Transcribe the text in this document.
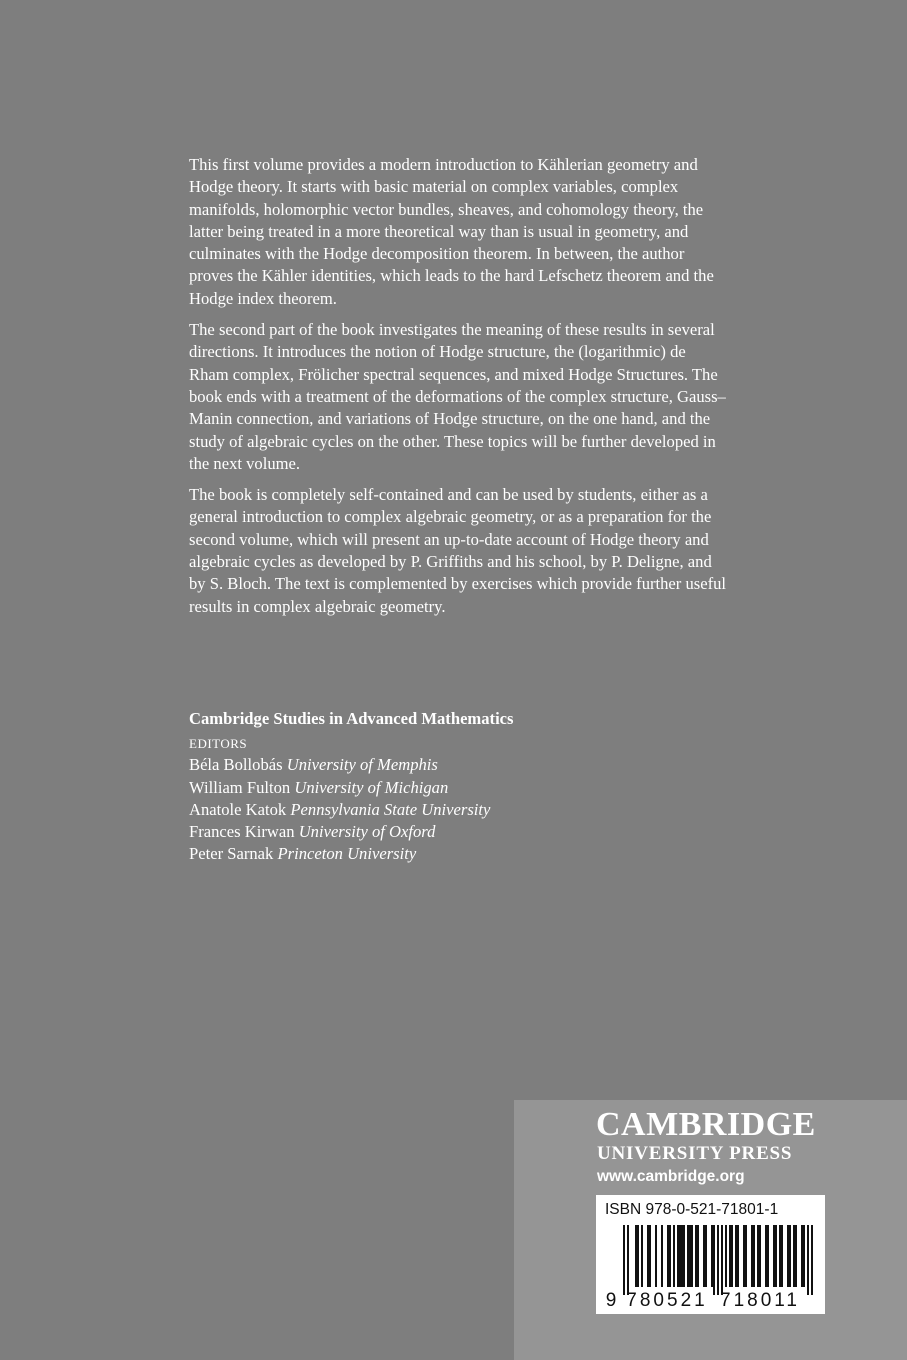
This first volume provides a modern introduction to Kählerian geometry and Hodge theory. It starts with basic material on complex variables, complex manifolds, holomorphic vector bundles, sheaves, and cohomology theory, the latter being treated in a more theoretical way than is usual in geometry, and culminates with the Hodge decomposition theorem. In between, the author proves the Kähler identities, which leads to the hard Lefschetz theorem and the Hodge index theorem.

The second part of the book investigates the meaning of these results in several directions. It introduces the notion of Hodge structure, the (logarithmic) de Rham complex, Frölicher spectral sequences, and mixed Hodge Structures. The book ends with a treatment of the deformations of the complex structure, Gauss–Manin connection, and variations of Hodge structure, on the one hand, and the study of algebraic cycles on the other. These topics will be further developed in the next volume.

The book is completely self-contained and can be used by students, either as a general introduction to complex algebraic geometry, or as a preparation for the second volume, which will present an up-to-date account of Hodge theory and algebraic cycles as developed by P. Griffiths and his school, by P. Deligne, and by S. Bloch. The text is complemented by exercises which provide further useful results in complex algebraic geometry.

Cambridge Studies in Advanced Mathematics
EDITORS
Béla Bollobás University of Memphis
William Fulton University of Michigan
Anatole Katok Pennsylvania State University
Frances Kirwan University of Oxford
Peter Sarnak Princeton University
CAMBRIDGE
UNIVERSITY PRESS
www.cambridge.org
ISBN 978-0-521-71801-1
9 780521 718011
